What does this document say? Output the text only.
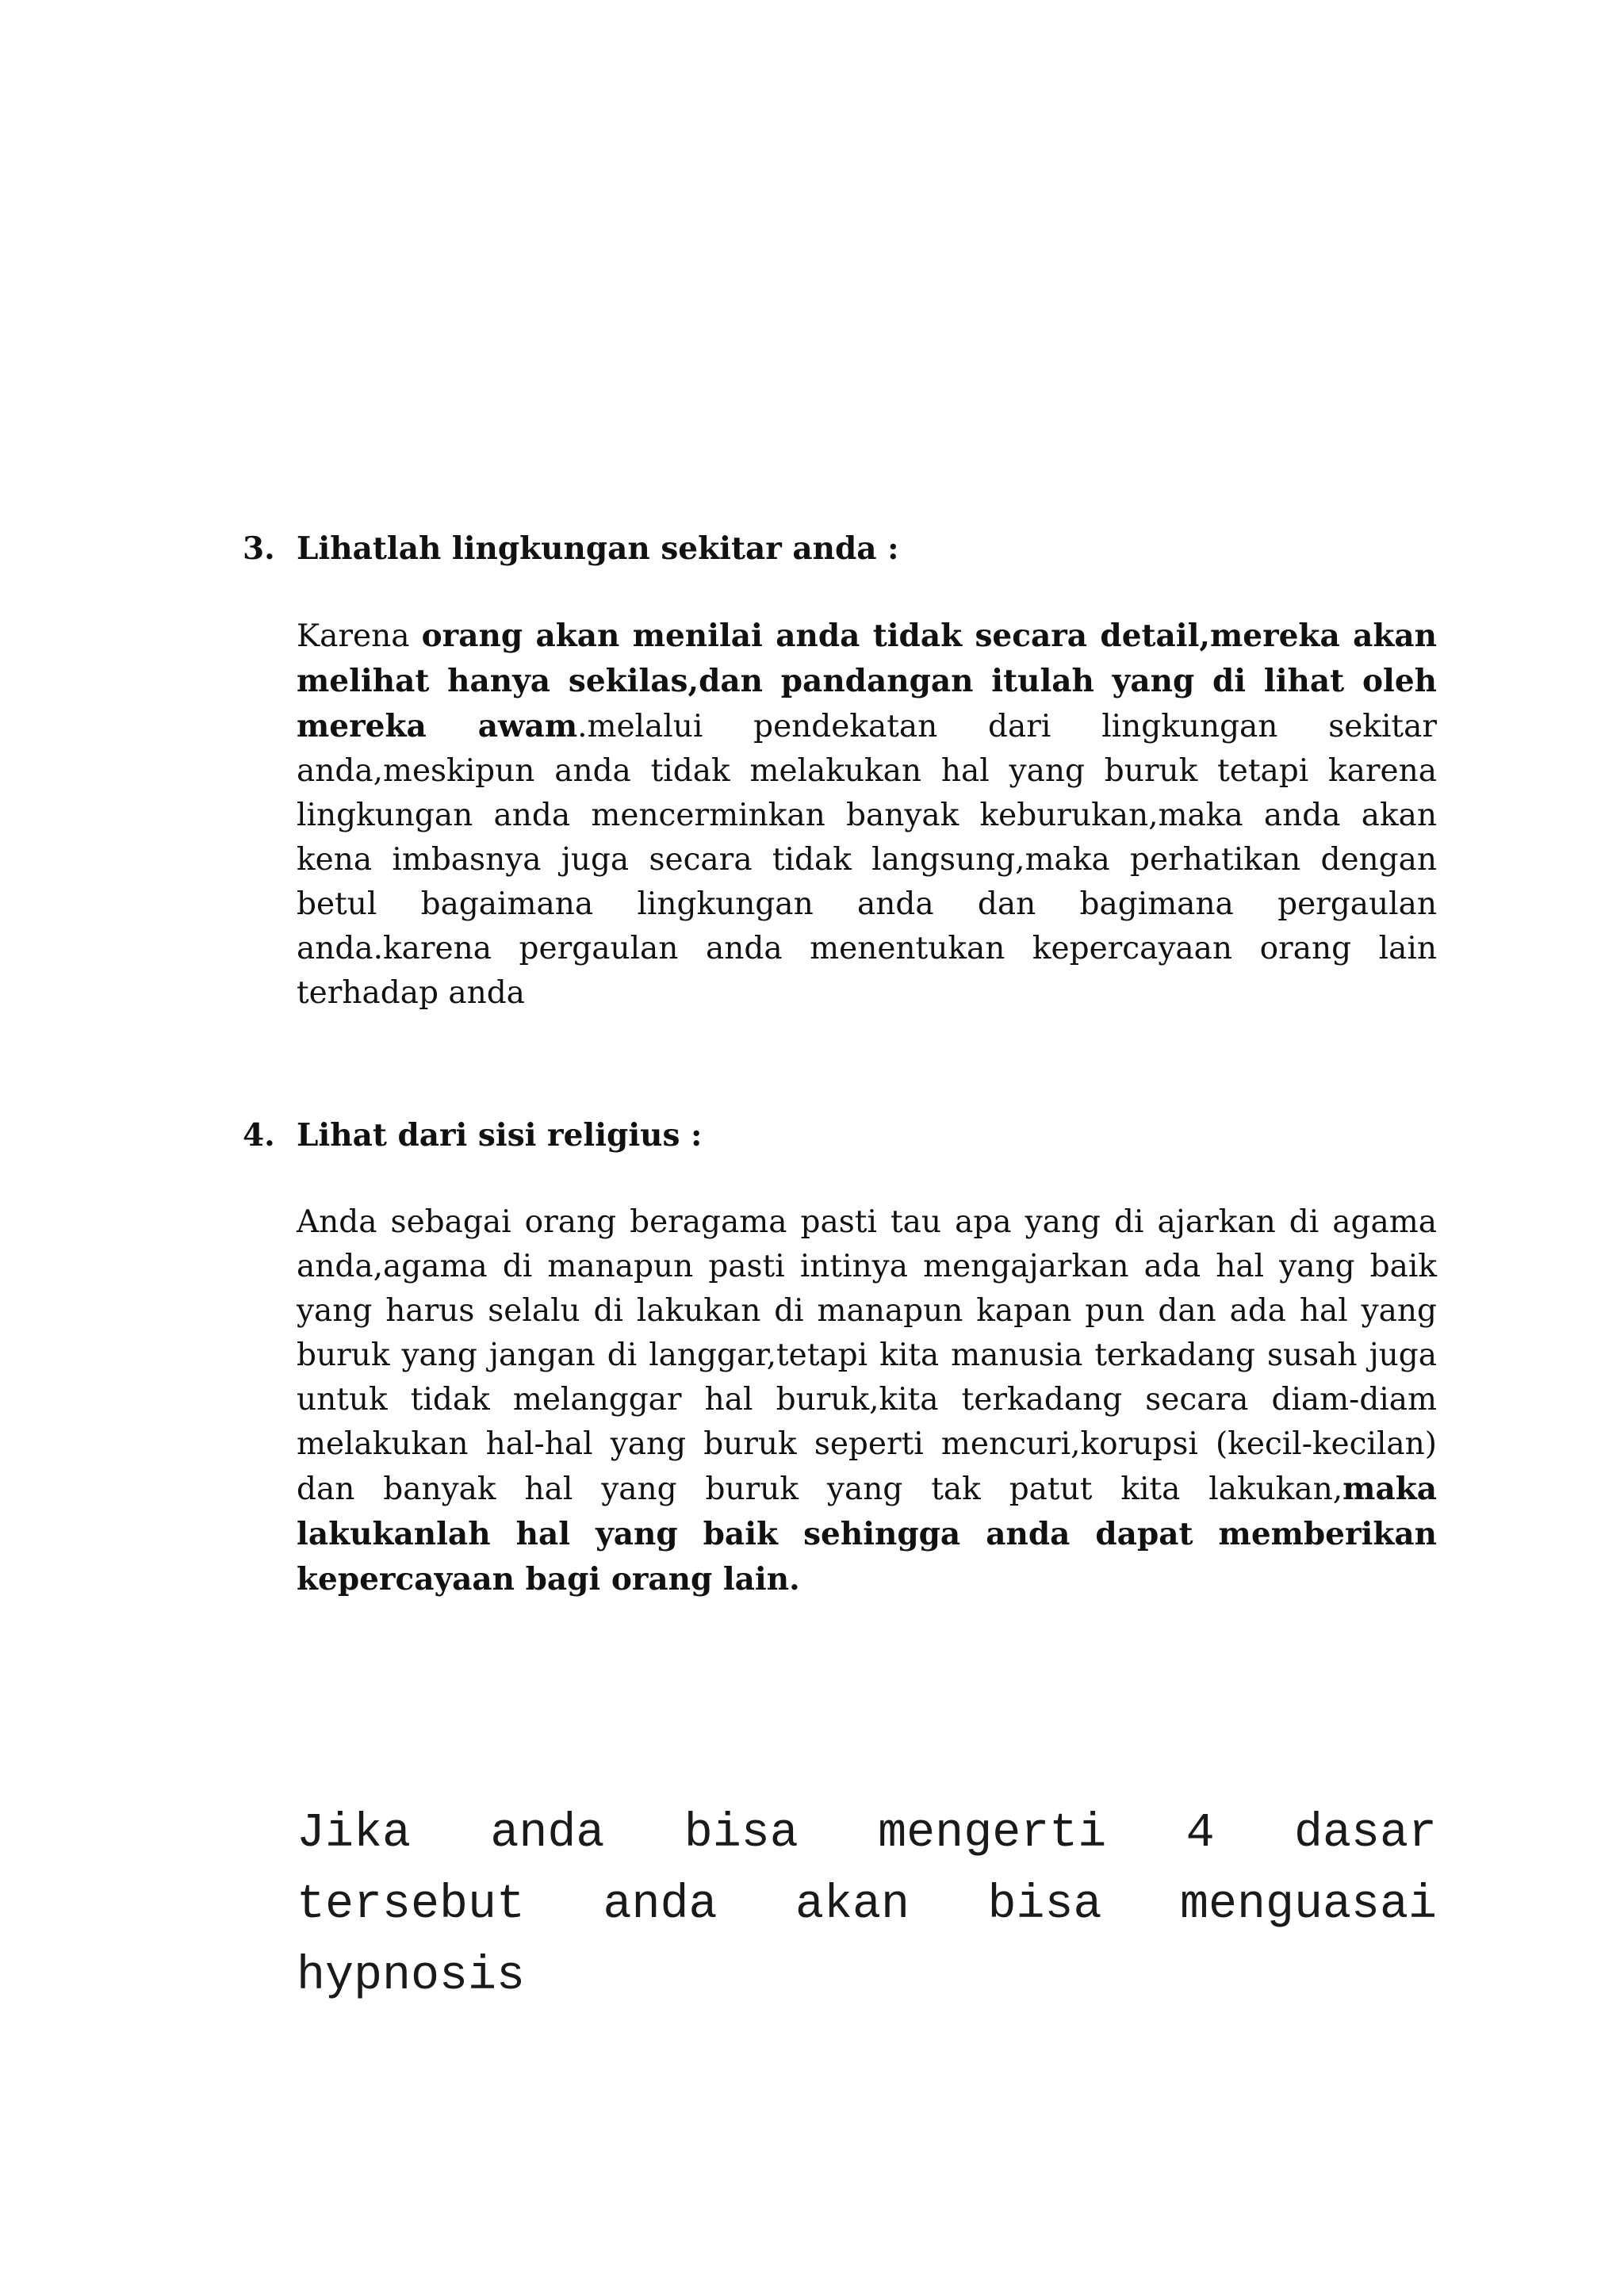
3. Lihatlah lingkungan sekitar anda :
Karena orang akan menilai anda tidak secara detail,mereka akan melihat hanya sekilas,dan pandangan itulah yang di lihat oleh mereka awam.melalui pendekatan dari lingkungan sekitar anda,meskipun anda tidak melakukan hal yang buruk tetapi karena lingkungan anda mencerminkan banyak keburukan,maka anda akan kena imbasnya juga secara tidak langsung,maka perhatikan dengan betul bagaimana lingkungan anda dan bagimana pergaulan anda.karena pergaulan anda menentukan kepercayaan orang lain terhadap anda
4. Lihat dari sisi religius :
Anda sebagai orang beragama pasti tau apa yang di ajarkan di agama anda,agama di manapun pasti intinya mengajarkan ada hal yang baik yang harus selalu di lakukan di manapun kapan pun dan ada hal yang buruk yang jangan di langgar,tetapi kita manusia terkadang susah juga untuk tidak melanggar hal buruk,kita terkadang secara diam-diam melakukan hal-hal yang buruk seperti mencuri,korupsi (kecil-kecilan) dan banyak hal yang buruk yang tak patut kita lakukan,maka lakukanlah hal yang baik sehingga anda dapat memberikan kepercayaan bagi orang lain.
Jika anda bisa mengerti 4 dasar tersebut anda akan bisa menguasai hypnosis
